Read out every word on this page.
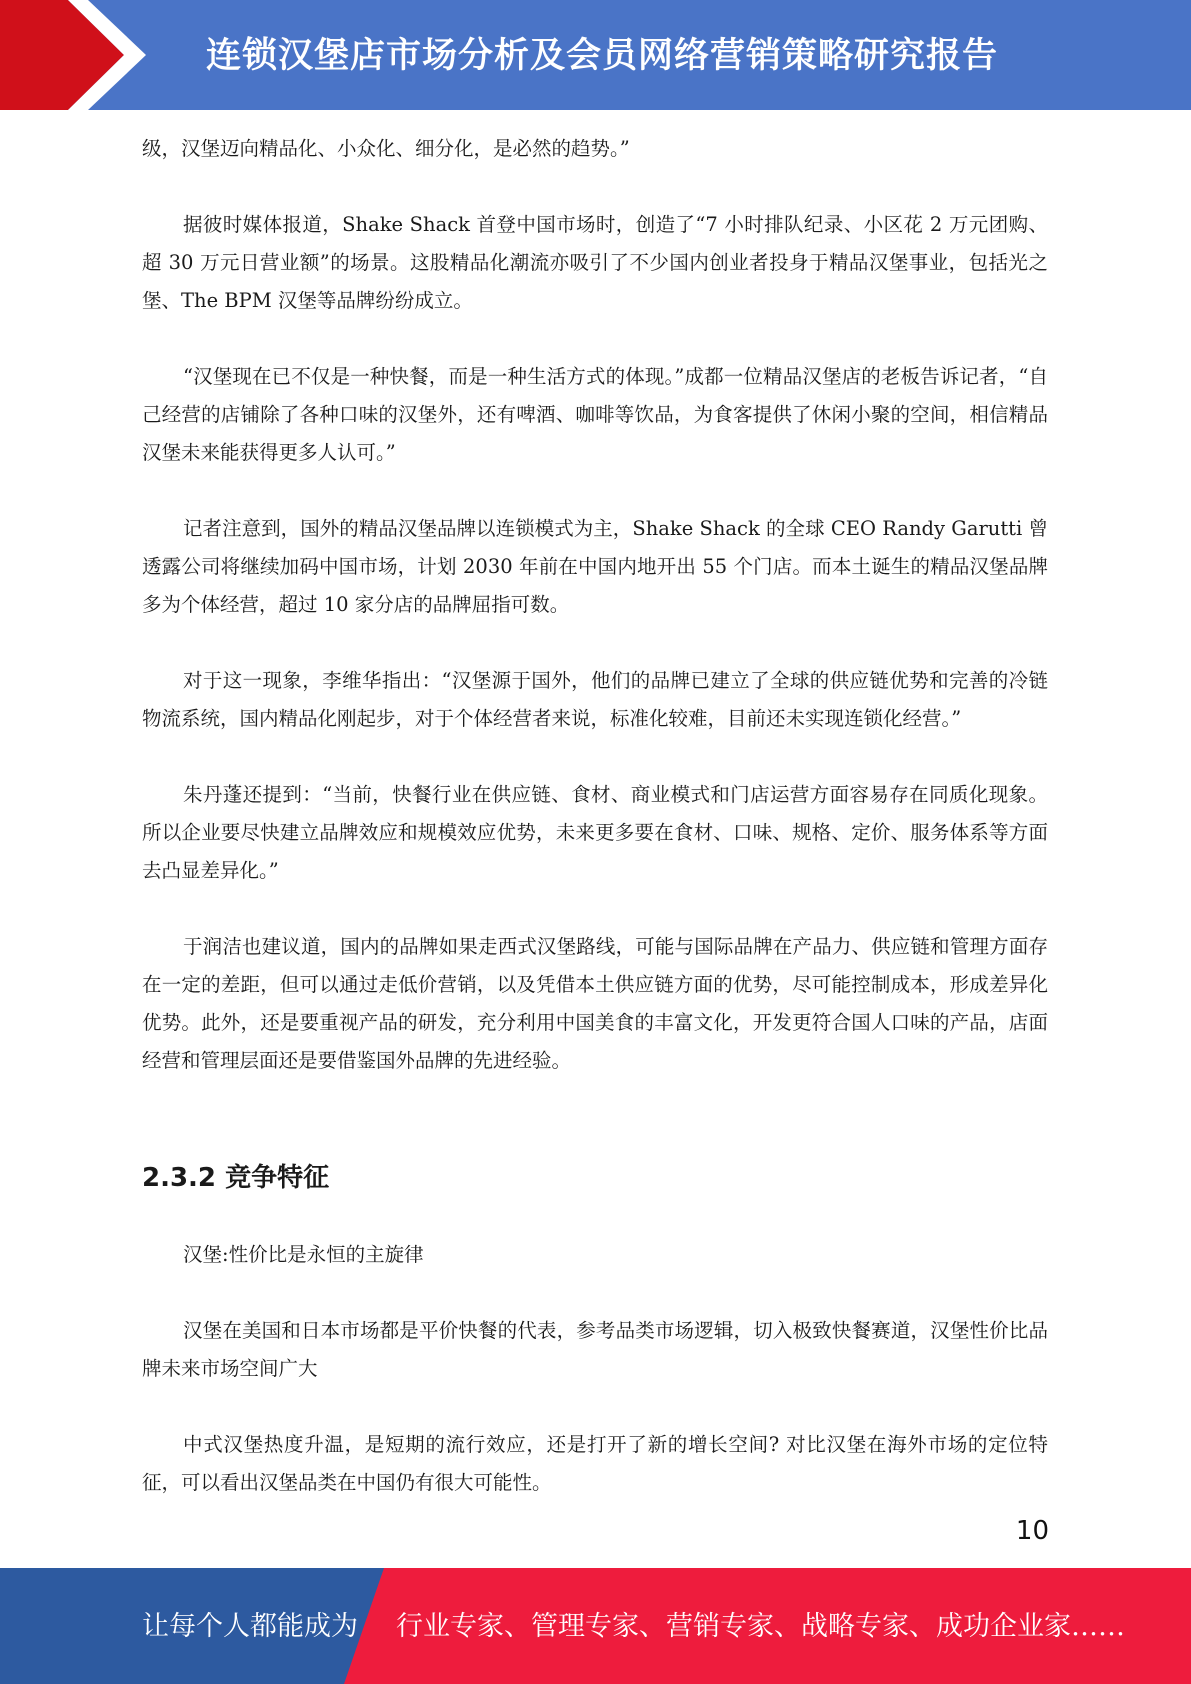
连锁汉堡店市场分析及会员网络营销策略研究报告

级，汉堡迈向精品化、小众化、细分化，是必然的趋势。”

据彼时媒体报道，Shake Shack 首登中国市场时，创造了“7 小时排队纪录、小区花 2 万元团购、超 30 万元日营业额”的场景。这股精品化潮流亦吸引了不少国内创业者投身于精品汉堡事业，包括光之堡、The BPM 汉堡等品牌纷纷成立。

“汉堡现在已不仅是一种快餐，而是一种生活方式的体现。”成都一位精品汉堡店的老板告诉记者，“自己经营的店铺除了各种口味的汉堡外，还有啤酒、咖啡等饮品，为食客提供了休闲小聚的空间，相信精品汉堡未来能获得更多人认可。”

记者注意到，国外的精品汉堡品牌以连锁模式为主，Shake Shack 的全球 CEO Randy Garutti 曾透露公司将继续加码中国市场，计划 2030 年前在中国内地开出 55 个门店。而本土诞生的精品汉堡品牌多为个体经营，超过 10 家分店的品牌屈指可数。

对于这一现象，李维华指出：“汉堡源于国外，他们的品牌已建立了全球的供应链优势和完善的冷链物流系统，国内精品化刚起步，对于个体经营者来说，标准化较难，目前还未实现连锁化经营。”

朱丹蓬还提到：“当前，快餐行业在供应链、食材、商业模式和门店运营方面容易存在同质化现象。所以企业要尽快建立品牌效应和规模效应优势，未来更多要在食材、口味、规格、定价、服务体系等方面去凸显差异化。”

于润洁也建议道，国内的品牌如果走西式汉堡路线，可能与国际品牌在产品力、供应链和管理方面存在一定的差距，但可以通过走低价营销，以及凭借本土供应链方面的优势，尽可能控制成本，形成差异化优势。此外，还是要重视产品的研发，充分利用中国美食的丰富文化，开发更符合国人口味的产品，店面经营和管理层面还是要借鉴国外品牌的先进经验。

2.3.2 竞争特征

汉堡:性价比是永恒的主旋律

汉堡在美国和日本市场都是平价快餐的代表，参考品类市场逻辑，切入极致快餐赛道，汉堡性价比品牌未来市场空间广大

中式汉堡热度升温，是短期的流行效应，还是打开了新的增长空间? 对比汉堡在海外市场的定位特征，可以看出汉堡品类在中国仍有很大可能性。

10
让每个人都能成为 行业专家、管理专家、营销专家、战略专家、成功企业家……
